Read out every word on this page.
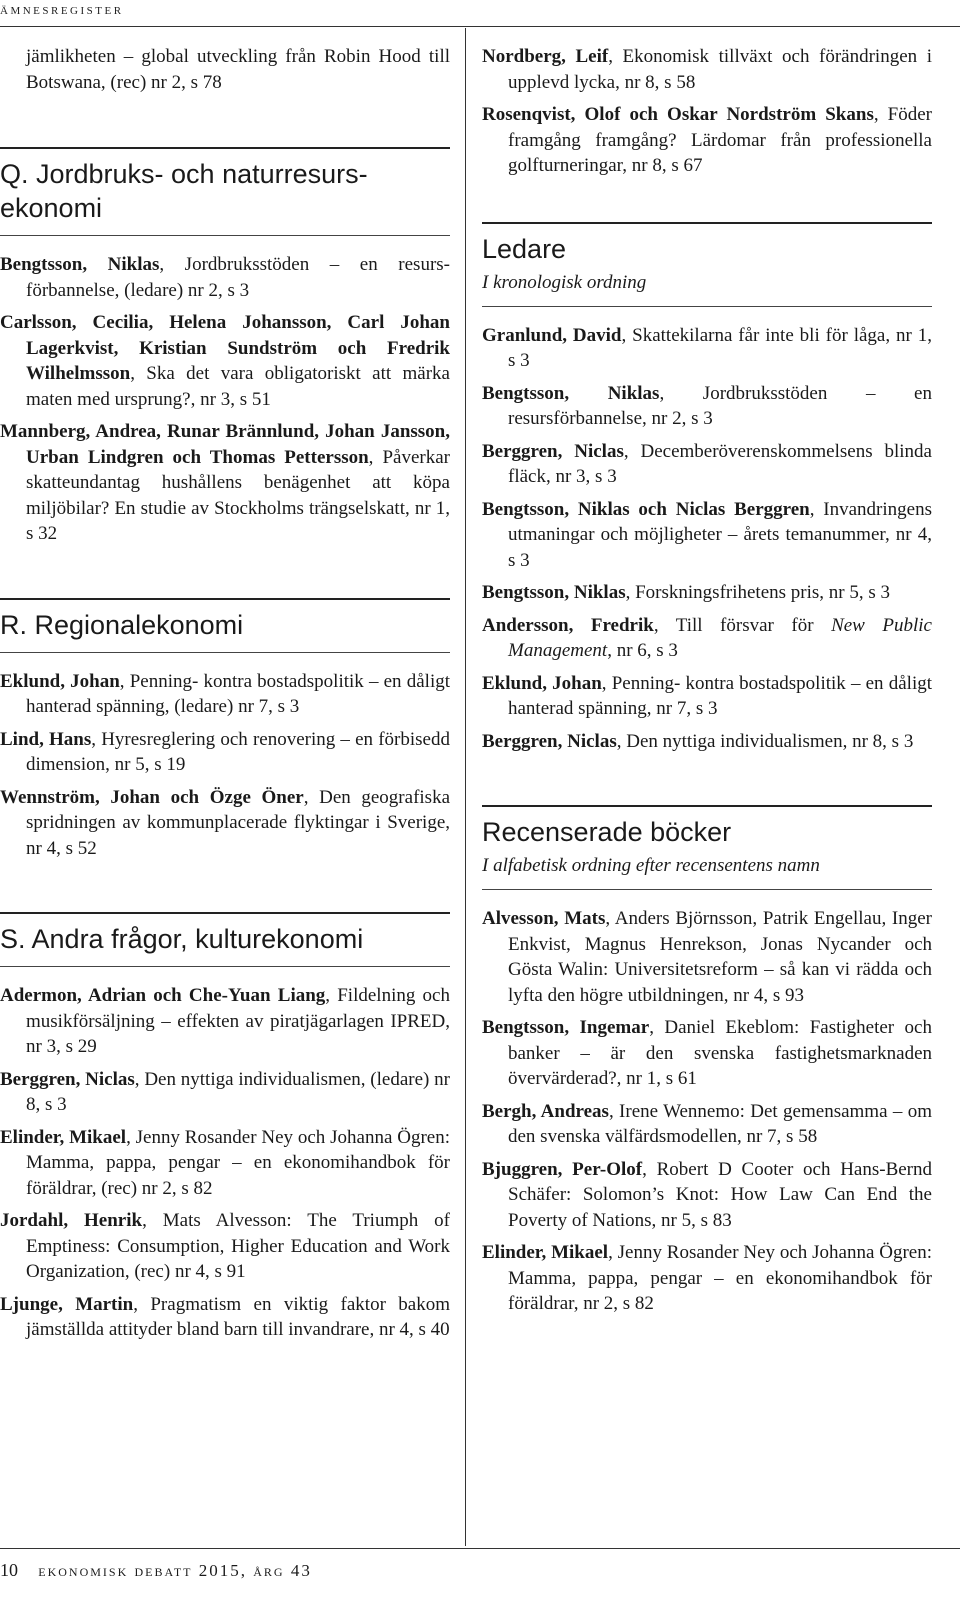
ämnesregister
jämlikheten – global utveckling från Robin Hood till Botswana, (rec) nr 2, s 78
Q. Jordbruks- och naturresurs-ekonomi
Bengtsson, Niklas, Jordbruksstöden – en resurs-förbannelse, (ledare) nr 2, s 3
Carlsson, Cecilia, Helena Johansson, Carl Johan Lagerkvist, Kristian Sundström och Fredrik Wilhelmsson, Ska det vara obligatoriskt att märka maten med ursprung?, nr 3, s 51
Mannberg, Andrea, Runar Brännlund, Johan Jansson, Urban Lindgren och Thomas Pettersson, Påverkar skatteundantag hushållens benägenhet att köpa miljöbilar? En studie av Stockholms trängselskatt, nr 1, s 32
R. Regionalekonomi
Eklund, Johan, Penning- kontra bostadspolitik – en dåligt hanterad spänning, (ledare) nr 7, s 3
Lind, Hans, Hyresreglering och renovering – en förbisedd dimension, nr 5, s 19
Wennström, Johan och Özge Öner, Den geografiska spridningen av kommunplacerade flyktingar i Sverige, nr 4, s 52
S. Andra frågor, kulturekonomi
Adermon, Adrian och Che-Yuan Liang, Fildelning och musikförsäljning – effekten av piratjägarlagen IPRED, nr 3, s 29
Berggren, Niclas, Den nyttiga individualismen, (ledare) nr 8, s 3
Elinder, Mikael, Jenny Rosander Ney och Johanna Ögren: Mamma, pappa, pengar – en ekonomihandbok för föräldrar, (rec) nr 2, s 82
Jordahl, Henrik, Mats Alvesson: The Triumph of Emptiness: Consumption, Higher Education and Work Organization, (rec) nr 4, s 91
Ljunge, Martin, Pragmatism en viktig faktor bakom jämställda attityder bland barn till invandrare, nr 4, s 40
Nordberg, Leif, Ekonomisk tillväxt och förändringen i upplevd lycka, nr 8, s 58
Rosenqvist, Olof och Oskar Nordström Skans, Föder framgång framgång? Lärdomar från professionella golfturneringar, nr 8, s 67
Ledare
I kronologisk ordning
Granlund, David, Skattekilarna får inte bli för låga, nr 1, s 3
Bengtsson, Niklas, Jordbruksstöden – en resursförbannelse, nr 2, s 3
Berggren, Niclas, Decemberöverenskommelsens blinda fläck, nr 3, s 3
Bengtsson, Niklas och Niclas Berggren, Invandringens utmaningar och möjligheter – årets temanummer, nr 4, s 3
Bengtsson, Niklas, Forskningsfrihetens pris, nr 5, s 3
Andersson, Fredrik, Till försvar för New Public Management, nr 6, s 3
Eklund, Johan, Penning- kontra bostadspolitik – en dåligt hanterad spänning, nr 7, s 3
Berggren, Niclas, Den nyttiga individualismen, nr 8, s 3
Recenserade böcker
I alfabetisk ordning efter recensentens namn
Alvesson, Mats, Anders Björnsson, Patrik Engellau, Inger Enkvist, Magnus Henrekson, Jonas Nycander och Gösta Walin: Universitetsreform – så kan vi rädda och lyfta den högre utbildningen, nr 4, s 93
Bengtsson, Ingemar, Daniel Ekeblom: Fastigheter och banker – är den svenska fastighetsmarknaden övervärderad?, nr 1, s 61
Bergh, Andreas, Irene Wennemo: Det gemensamma – om den svenska välfärdsmodellen, nr 7, s 58
Bjuggren, Per-Olof, Robert D Cooter och Hans-Bernd Schäfer: Solomon’s Knot: How Law Can End the Poverty of Nations, nr 5, s 83
Elinder, Mikael, Jenny Rosander Ney och Johanna Ögren: Mamma, pappa, pengar – en ekonomihandbok för föräldrar, nr 2, s 82
10 ekonomisk debatt 2015, årg 43
